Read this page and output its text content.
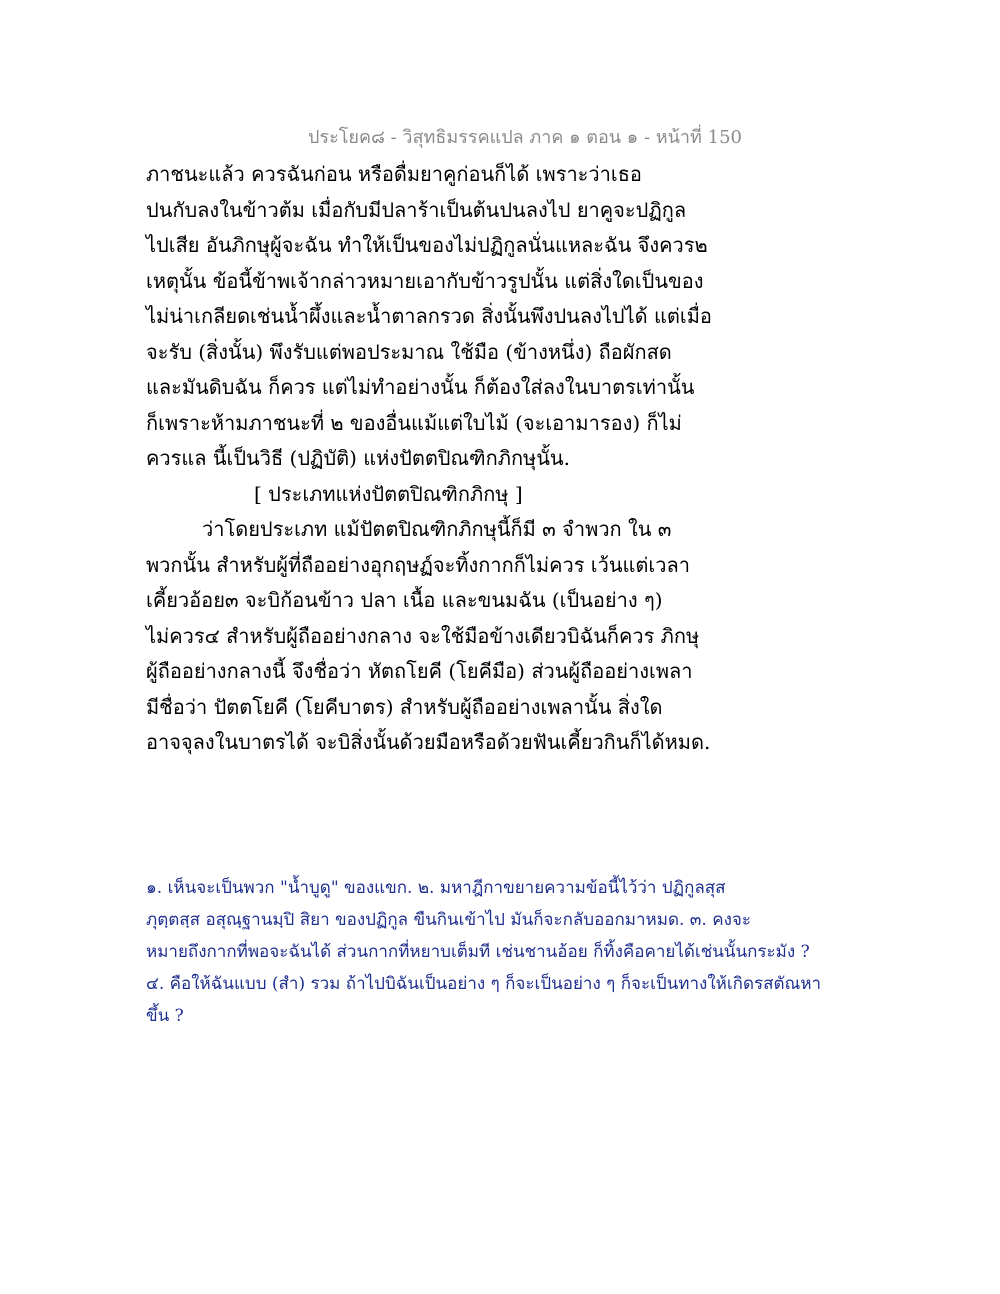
ประโยค๘ - วิสุทธิมรรคแปล ภาค ๑ ตอน ๑ - หน้าที่ 150
ภาชนะแล้ว ควรฉันก่อน หรือดื่มยาคูก่อนก็ได้ เพราะว่าเธอ
ปนกับลงในข้าวต้ม เมื่อกับมีปลาร้าเป็นต้นปนลงไป ยาคูจะปฏิกูล
ไปเสีย อันภิกษุผู้จะฉัน ทำให้เป็นของไม่ปฏิกูลนั่นแหละฉัน จึงควร๒
เหตุนั้น ข้อนี้ข้าพเจ้ากล่าวหมายเอากับข้าวรูปนั้น แต่สิ่งใดเป็นของ
ไม่น่าเกลียดเช่นน้ำผึ้งและน้ำตาลกรวด สิ่งนั้นพึงปนลงไปได้ แต่เมื่อ
จะรับ (สิ่งนั้น) พึงรับแต่พอประมาณ ใช้มือ (ข้างหนึ่ง) ถือผักสด
และมันดิบฉัน ก็ควร แต่ไม่ทำอย่างนั้น ก็ต้องใส่ลงในบาตรเท่านั้น
ก็เพราะห้ามภาชนะที่ ๒ ของอื่นแม้แต่ใบไม้ (จะเอามารอง) ก็ไม่
ควรแล นี้เป็นวิธี (ปฏิบัติ) แห่งปัตตปิณฑิกภิกษุนั้น.
[ ประเภทแห่งปัตตปิณฑิกภิกษุ ]
ว่าโดยประเภท แม้ปัตตปิณฑิกภิกษุนี้ก็มี ๓ จำพวก ใน ๓
พวกนั้น สำหรับผู้ที่ถืออย่างอุกฤษฏ์จะทิ้งกากก็ไม่ควร เว้นแต่เวลา
เคี้ยวอ้อย๓ จะบิก้อนข้าว ปลา เนื้อ และขนมฉัน (เป็นอย่าง ๆ)
ไม่ควร๔ สำหรับผู้ถืออย่างกลาง จะใช้มือข้างเดียวบิฉันก็ควร ภิกษุ
ผู้ถืออย่างกลางนี้ จึงชื่อว่า หัตถโยคี (โยคีมือ) ส่วนผู้ถืออย่างเพลา
มีชื่อว่า ปัตตโยคี (โยคีบาตร) สำหรับผู้ถืออย่างเพลานั้น สิ่งใด
อาจจุลงในบาตรได้ จะบิสิ่งนั้นด้วยมือหรือด้วยฟันเคี้ยวกินก็ได้หมด.
๑. เห็นจะเป็นพวก "น้ำบูดู" ของแขก. ๒. มหาฎีกาขยายความข้อนี้ไว้ว่า ปฏิกูลสุส
ภุตฺตสฺส อสุณฺฐานมฺปิ สิยา ของปฏิกูล ขืนกินเข้าไป มันก็จะกลับออกมาหมด. ๓. คงจะ
หมายถึงกากที่พอจะฉันได้ ส่วนกากที่หยาบเต็มที เช่นชานอ้อย ก็ทิ้งคือคายได้เช่นนั้นกระมัง ?
๔. คือให้ฉันแบบ (สำ) รวม ถ้าไปบิฉันเป็นอย่าง ๆ ก็จะเป็นอย่าง ๆ ก็จะเป็นทางให้เกิดรสตัณหา
ขึ้น ?
